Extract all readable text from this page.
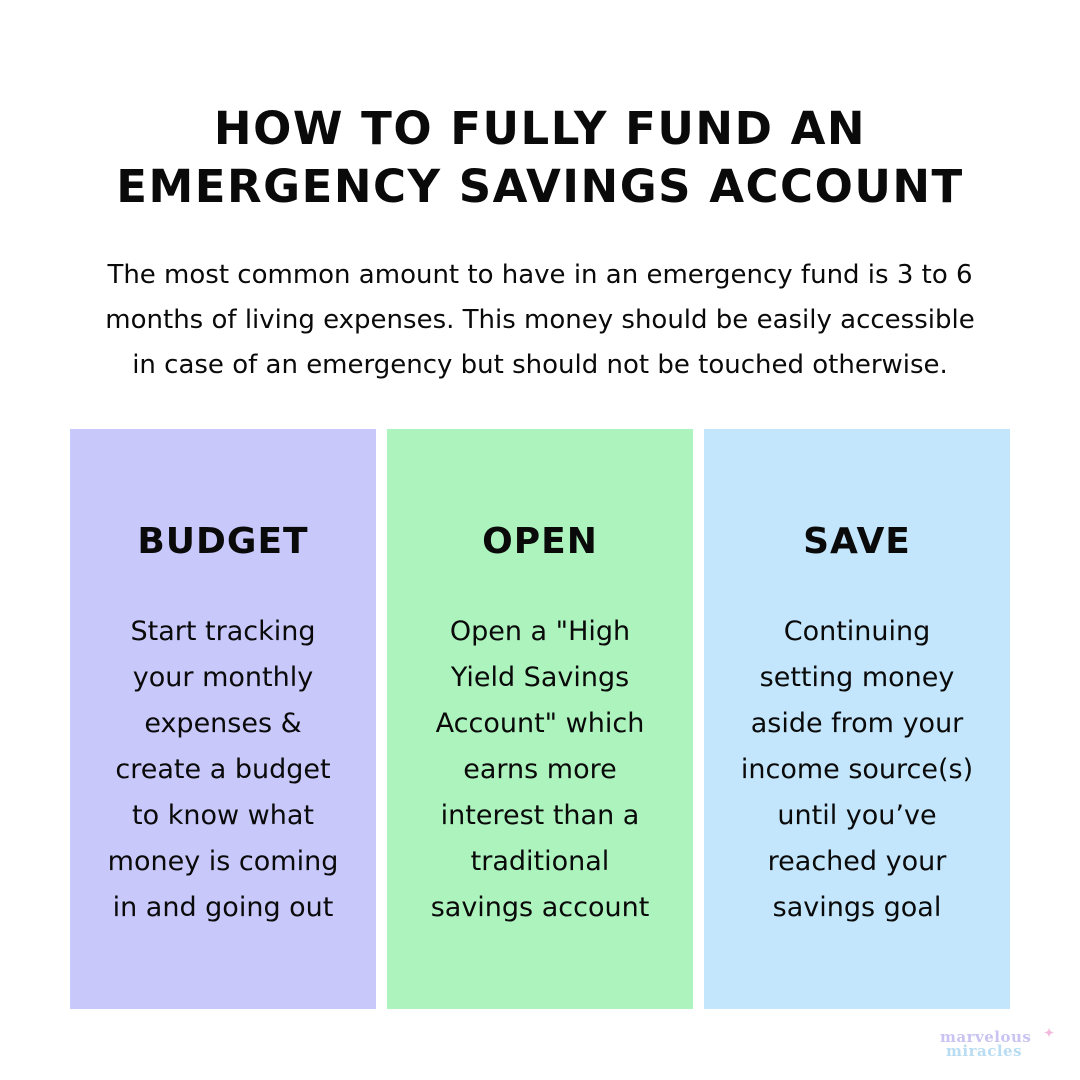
HOW TO FULLY FUND AN
EMERGENCY SAVINGS ACCOUNT

The most common amount to have in an emergency fund is 3 to 6
months of living expenses. This money should be easily accessible
in case of an emergency but should not be touched otherwise.

BUDGET
Start tracking
your monthly
expenses &
create a budget
to know what
money is coming
in and going out
OPEN
Open a "High
Yield Savings
Account" which
earns more
interest than a
traditional
savings account
SAVE
Continuing
setting money
aside from your
income source(s)
until you’ve
reached your
savings goal
marvelous
miracles
✦
